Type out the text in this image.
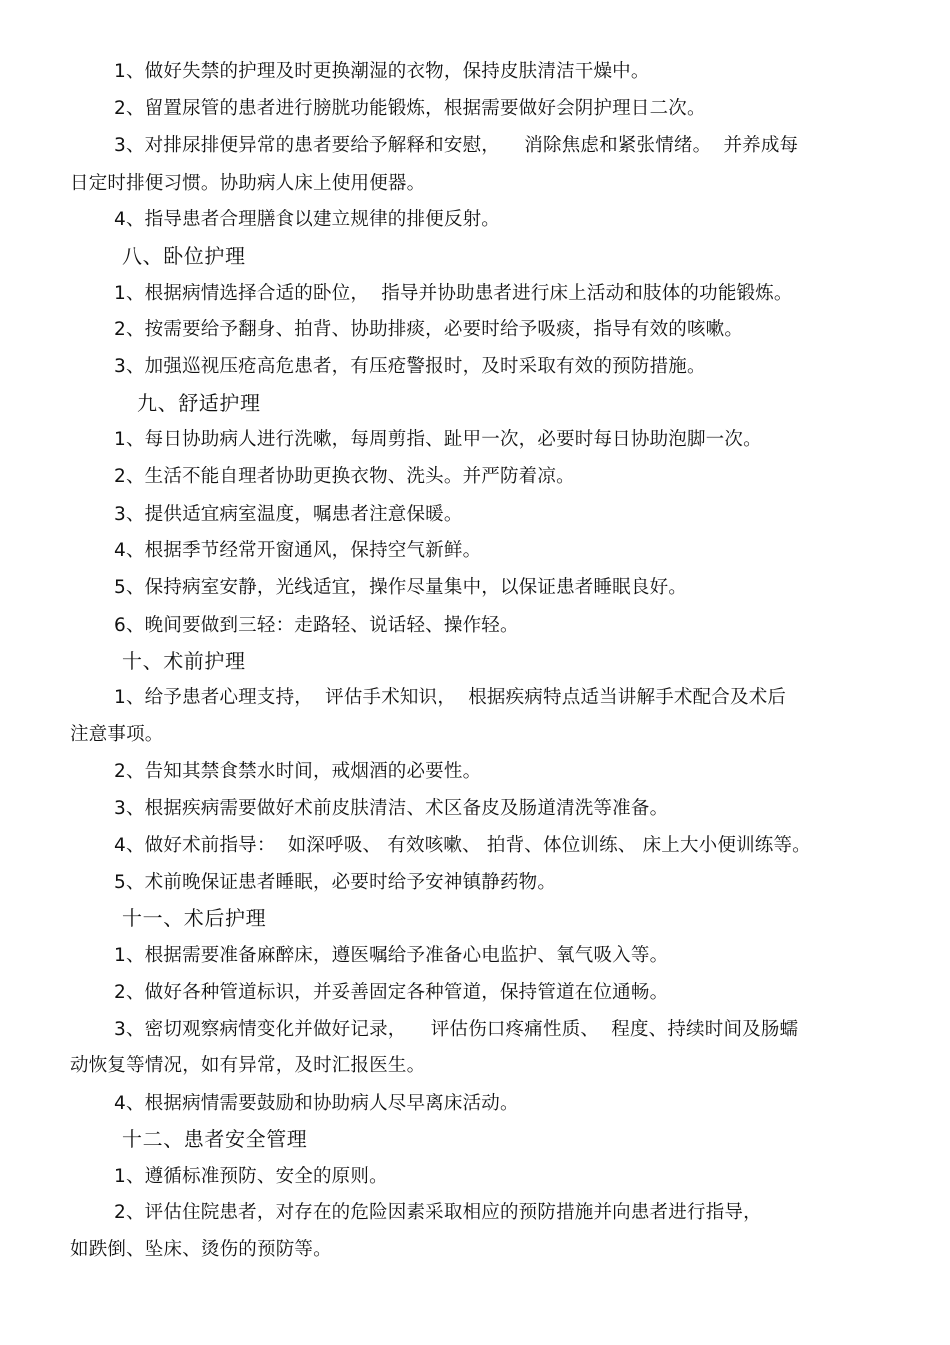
1、做好失禁的护理及时更换潮湿的衣物，保持皮肤清洁干燥中。
2、留置尿管的患者进行膀胱功能锻炼，根据需要做好会阴护理日二次。
3、对排尿排便异常的患者要给予解释和安慰，    消除焦虑和紧张情绪。  并养成每
日定时排便习惯。协助病人床上使用便器。
4、指导患者合理膳食以建立规律的排便反射。
八、卧位护理
1、根据病情选择合适的卧位，  指导并协助患者进行床上活动和肢体的功能锻炼。
2、按需要给予翻身、拍背、协助排痰，必要时给予吸痰，指导有效的咳嗽。
3、加强巡视压疮高危患者，有压疮警报时，及时采取有效的预防措施。
九、舒适护理
1、每日协助病人进行洗嗽，每周剪指、趾甲一次，必要时每日协助泡脚一次。
2、生活不能自理者协助更换衣物、洗头。并严防着凉。
3、提供适宜病室温度，嘱患者注意保暖。
4、根据季节经常开窗通风，保持空气新鲜。
5、保持病室安静，光线适宜，操作尽量集中，以保证患者睡眠良好。
6、晚间要做到三轻：走路轻、说话轻、操作轻。
十、术前护理
1、给予患者心理支持，  评估手术知识，  根据疾病特点适当讲解手术配合及术后
注意事项。
2、告知其禁食禁水时间，戒烟酒的必要性。
3、根据疾病需要做好术前皮肤清洁、术区备皮及肠道清洗等准备。
4、做好术前指导：  如深呼吸、 有效咳嗽、 拍背、体位训练、 床上大小便训练等。
5、术前晚保证患者睡眠，必要时给予安神镇静药物。
十一、术后护理
1、根据需要准备麻醉床，遵医嘱给予准备心电监护、氧气吸入等。
2、做好各种管道标识，并妥善固定各种管道，保持管道在位通畅。
3、密切观察病情变化并做好记录，    评估伤口疼痛性质、  程度、持续时间及肠蠕
动恢复等情况，如有异常，及时汇报医生。
4、根据病情需要鼓励和协助病人尽早离床活动。
十二、患者安全管理
1、遵循标准预防、安全的原则。
2、评估住院患者，对存在的危险因素采取相应的预防措施并向患者进行指导，
如跌倒、坠床、烫伤的预防等。
